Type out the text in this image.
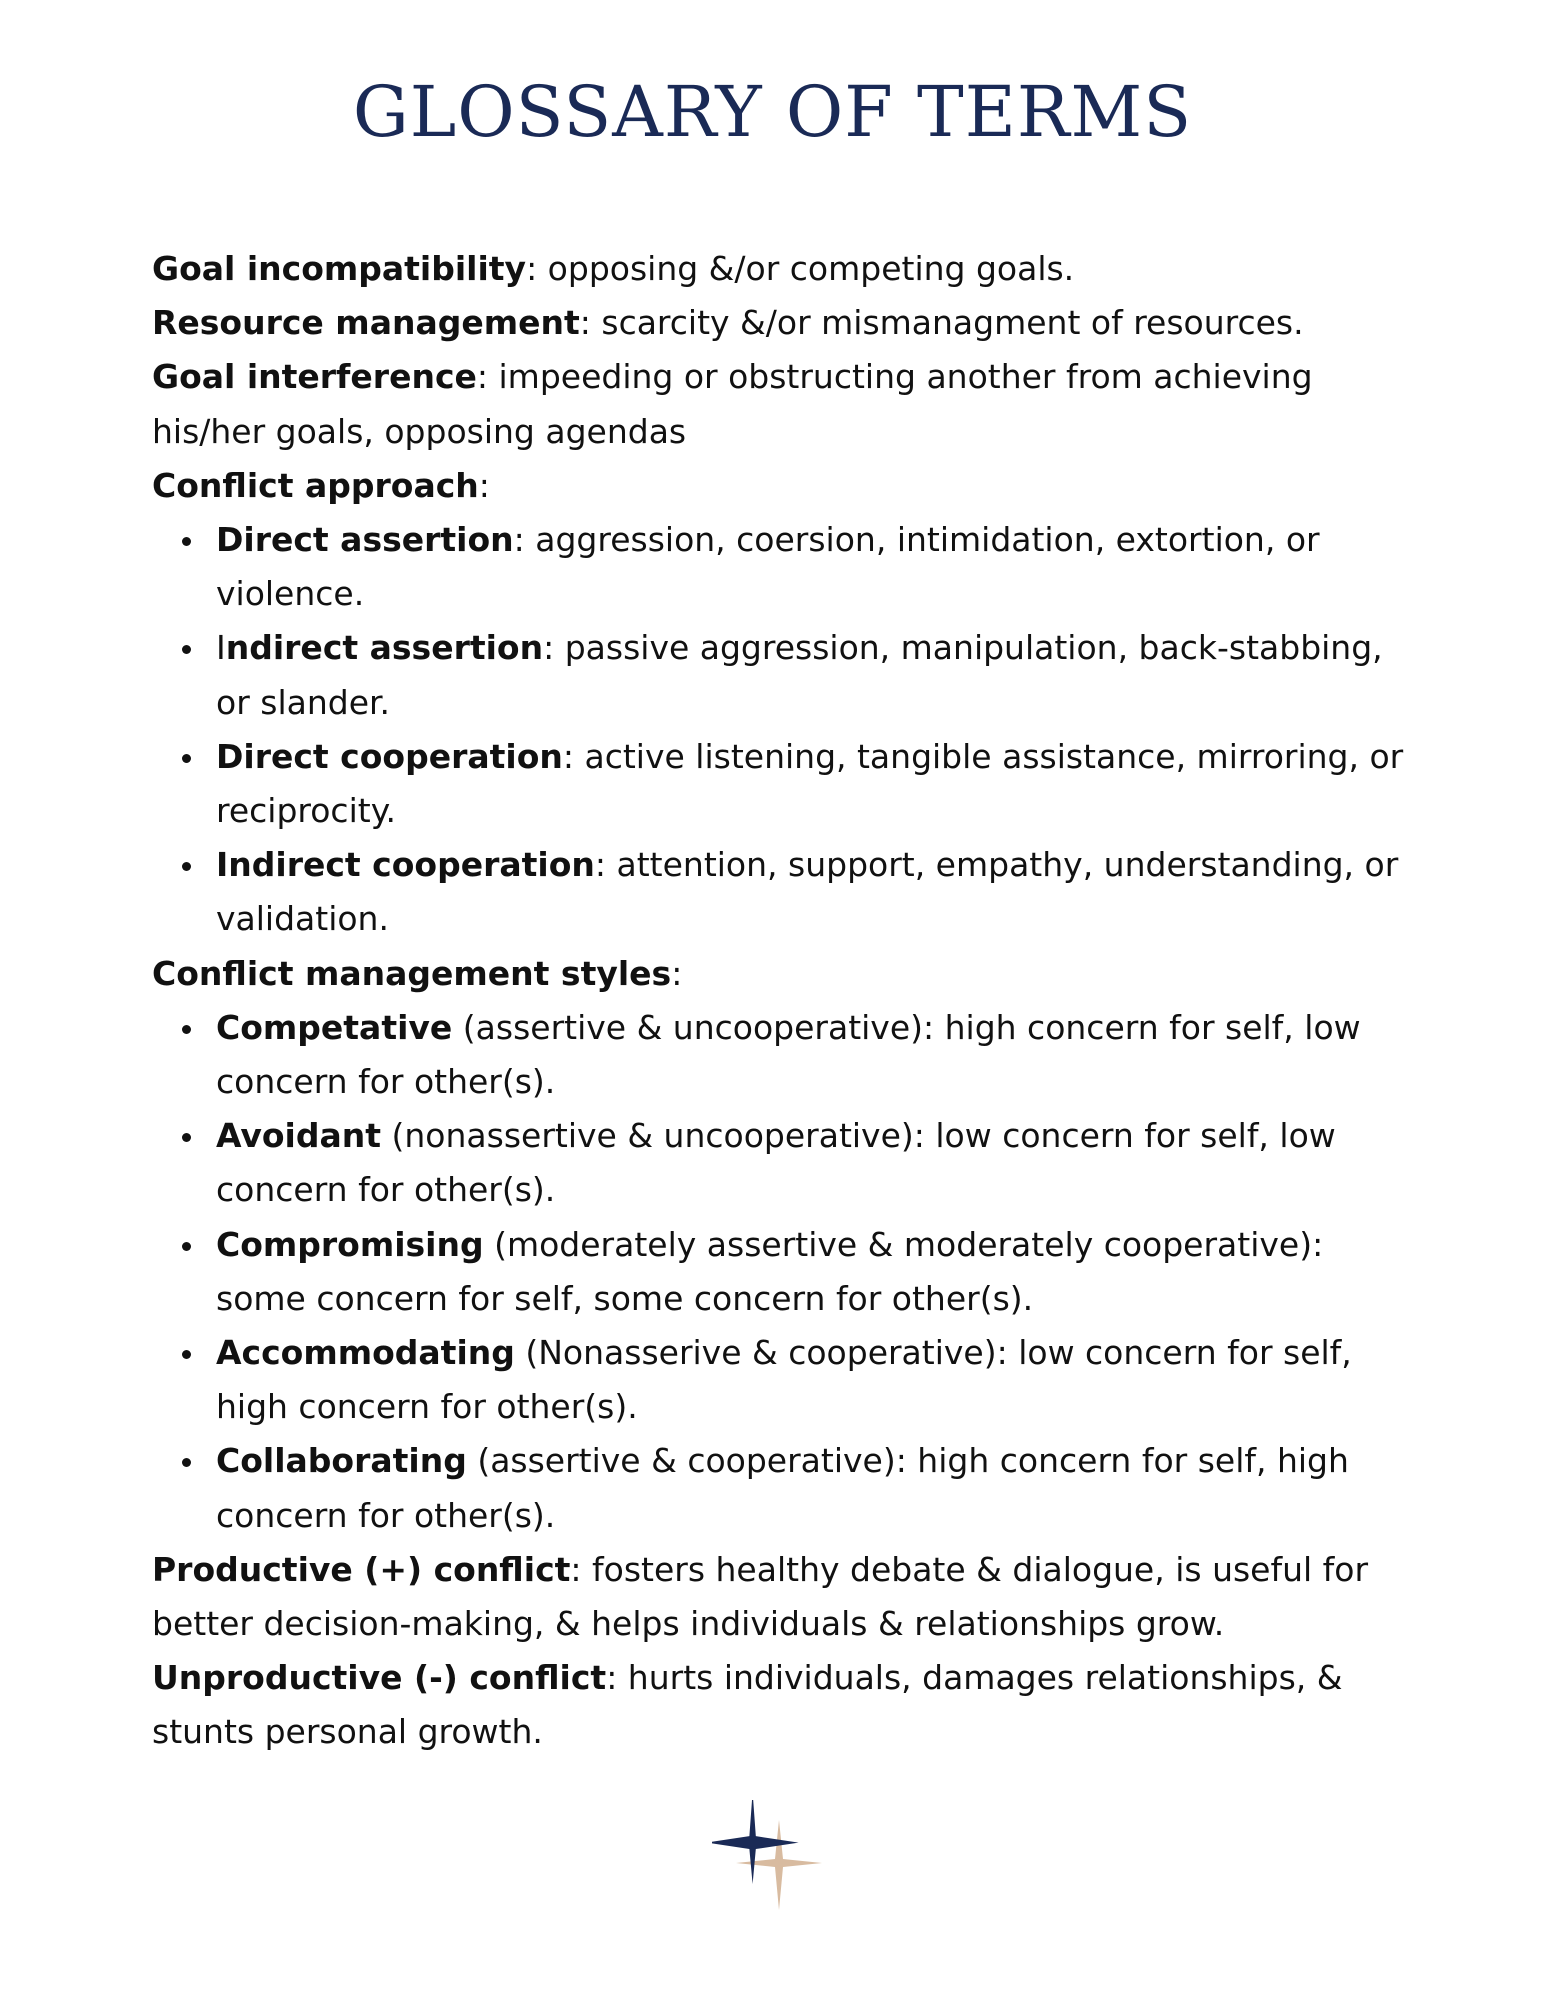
GLOSSARY OF TERMS

Goal incompatibility: opposing &/or competing goals.

Resource management: scarcity &/or mismanagment of resources.

Goal interference: impeeding or obstructing another from achieving his/her goals, opposing agendas

Conflict approach:

Direct assertion: aggression, coersion, intimidation, extortion, or violence.
Indirect assertion: passive aggression, manipulation, back-stabbing, or slander.
Direct cooperation: active listening, tangible assistance, mirroring, or reciprocity.
Indirect cooperation: attention, support, empathy, understanding, or validation.

Conflict management styles:

Competative (assertive & uncooperative): high concern for self, low concern for other(s).
Avoidant (nonassertive & uncooperative): low concern for self, low concern for other(s).
Compromising (moderately assertive & moderately cooperative): some concern for self, some concern for other(s).
Accommodating (Nonasserive & cooperative): low concern for self, high concern for other(s).
Collaborating (assertive & cooperative): high concern for self, high concern for other(s).

Productive (+) conflict: fosters healthy debate & dialogue, is useful for better decision-making, & helps individuals & relationships grow.

Unproductive (-) conflict: hurts individuals, damages relationships, & stunts personal growth.
